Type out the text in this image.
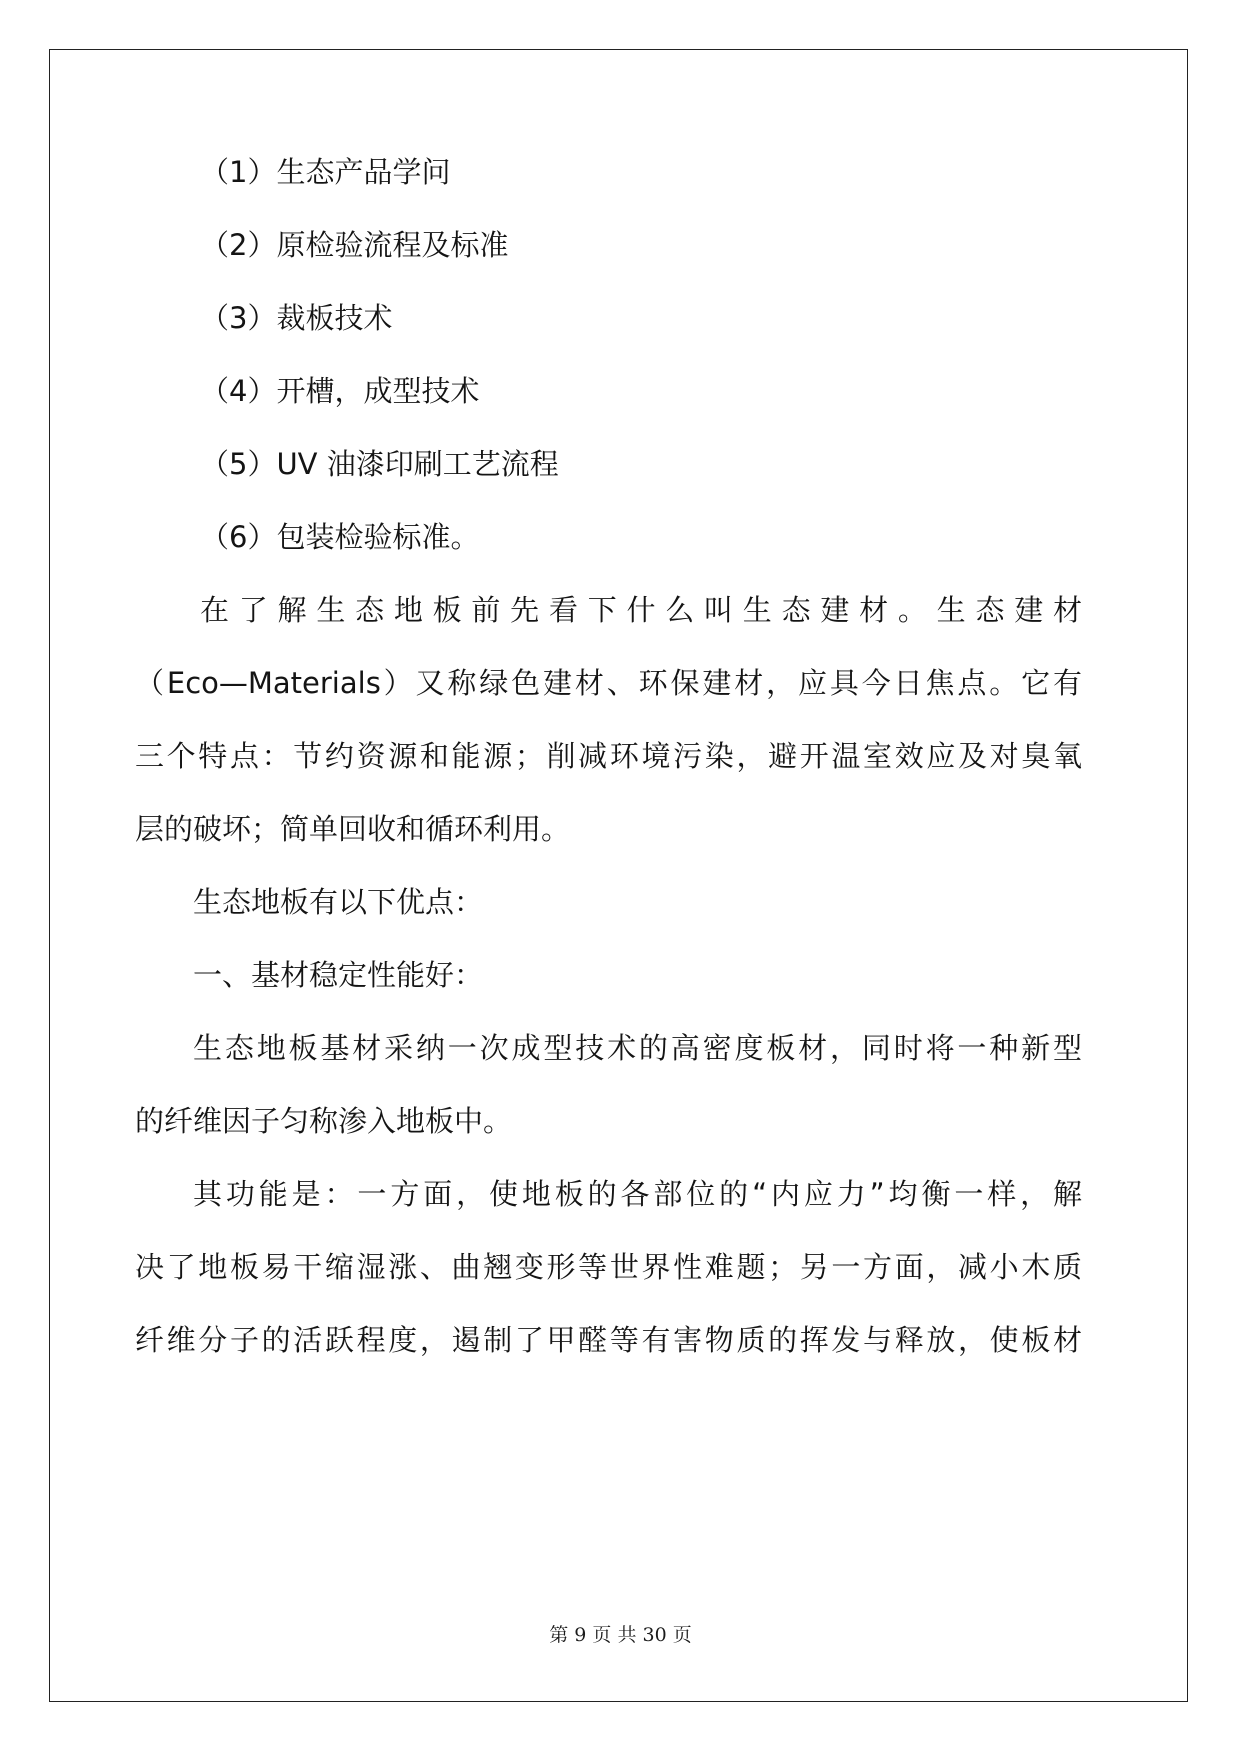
（1）生态产品学问
（2）原检验流程及标准
（3）裁板技术
（4）开槽，成型技术
（5）UV 油漆印刷工艺流程
（6）包装检验标准。
在了解生态地板前先看下什么叫生态建材。生态建材
（Eco—Materials）又称绿色建材、环保建材，应具今日焦点。它有
三个特点：节约资源和能源；削减环境污染，避开温室效应及对臭氧
层的破坏；简单回收和循环利用。
生态地板有以下优点：
一、基材稳定性能好：
生态地板基材采纳一次成型技术的高密度板材，同时将一种新型
的纤维因子匀称渗入地板中。
其功能是：一方面，使地板的各部位的“内应力”均衡一样，解
决了地板易干缩湿涨、曲翘变形等世界性难题；另一方面，减小木质
纤维分子的活跃程度，遏制了甲醛等有害物质的挥发与释放，使板材
第 9 页 共 30 页
